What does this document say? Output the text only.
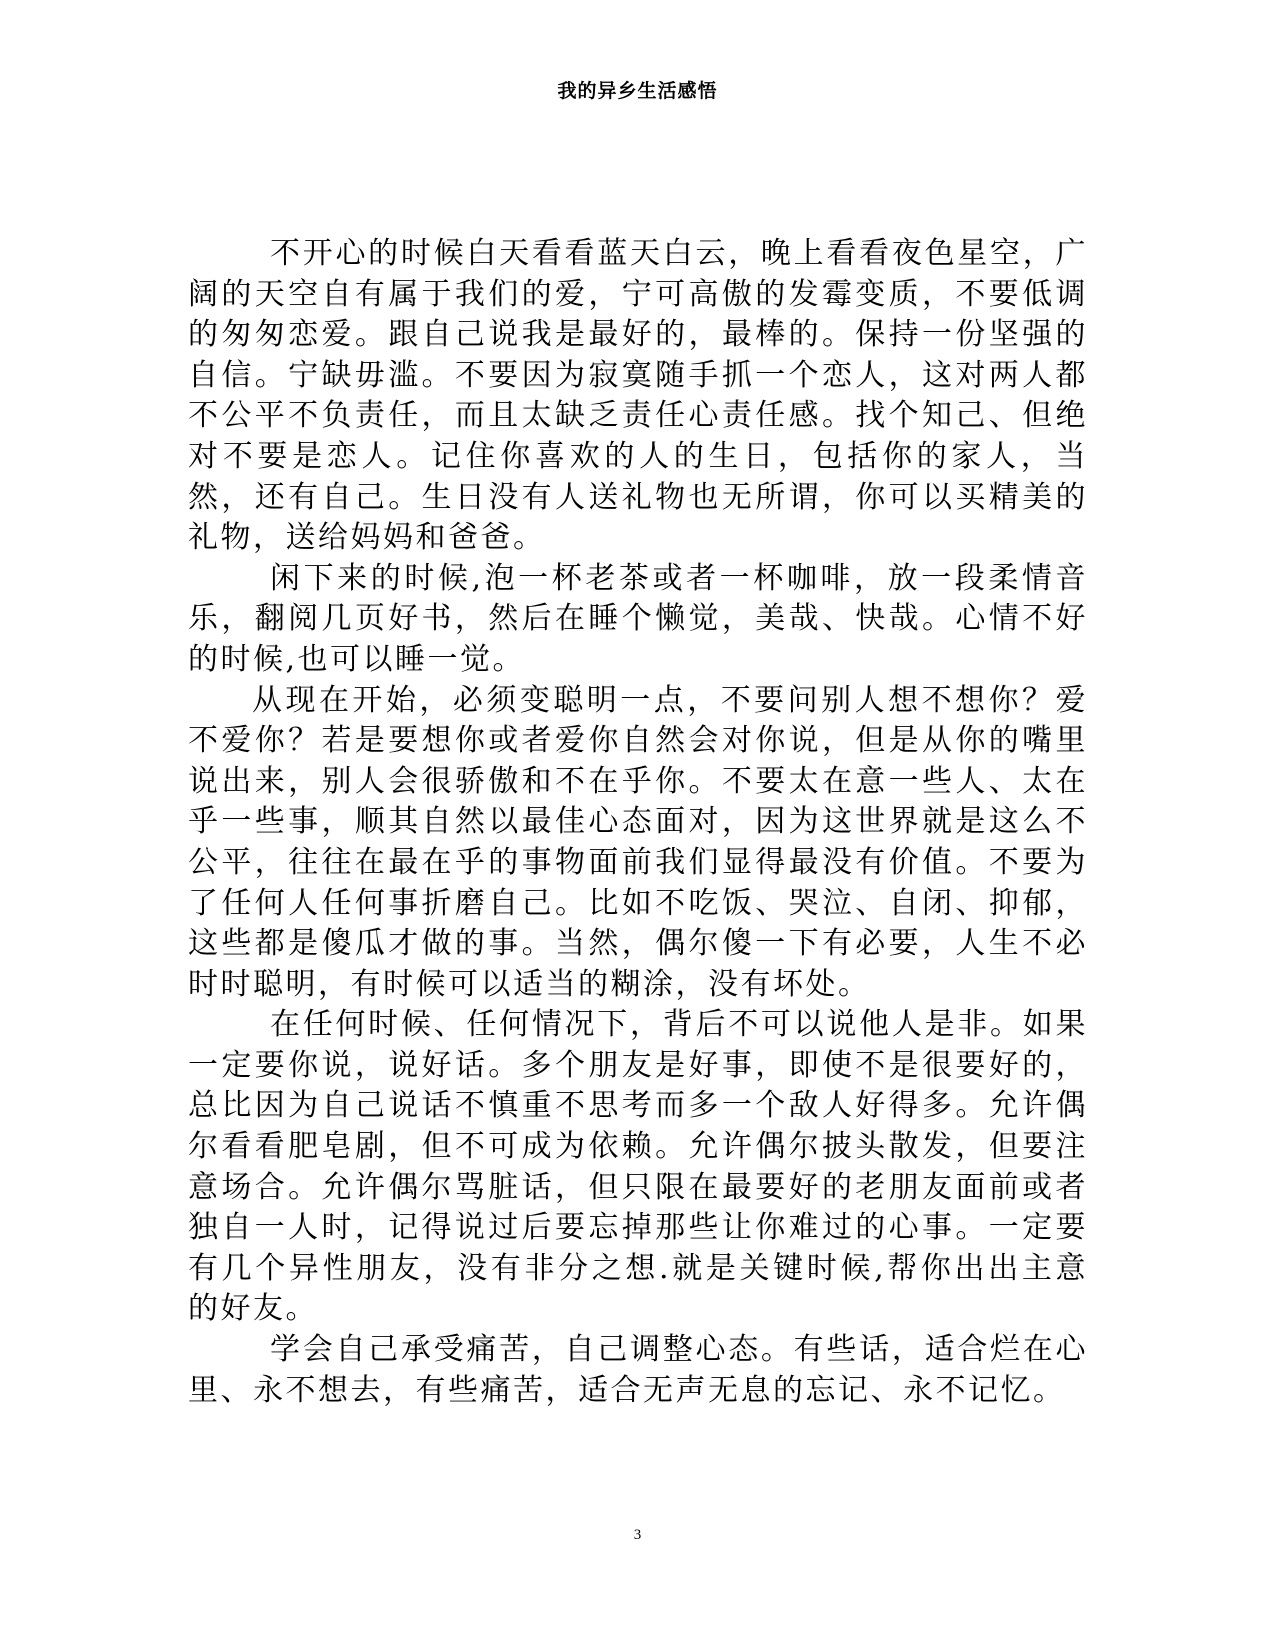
我的异乡生活感悟

不开心的时候白天看看蓝天白云，晚上看看夜色星空，广阔的天空自有属于我们的爱，宁可高傲的发霉变质，不要低调的匆匆恋爱。跟自己说我是最好的，最棒的。保持一份坚强的自信。宁缺毋滥。不要因为寂寞随手抓一个恋人，这对两人都不公平不负责任，而且太缺乏责任心责任感。找个知己、但绝对不要是恋人。记住你喜欢的人的生日，包括你的家人，当然，还有自己。生日没有人送礼物也无所谓，你可以买精美的礼物，送给妈妈和爸爸。

闲下来的时候,泡一杯老茶或者一杯咖啡，放一段柔情音乐，翻阅几页好书，然后在睡个懒觉，美哉、快哉。心情不好的时候,也可以睡一觉。

从现在开始，必须变聪明一点，不要问别人想不想你？爱不爱你？若是要想你或者爱你自然会对你说，但是从你的嘴里说出来，别人会很骄傲和不在乎你。不要太在意一些人、太在乎一些事，顺其自然以最佳心态面对，因为这世界就是这么不公平，往往在最在乎的事物面前我们显得最没有价值。不要为了任何人任何事折磨自己。比如不吃饭、哭泣、自闭、抑郁，这些都是傻瓜才做的事。当然，偶尔傻一下有必要，人生不必时时聪明，有时候可以适当的糊涂，没有坏处。

在任何时候、任何情况下，背后不可以说他人是非。如果一定要你说，说好话。多个朋友是好事，即使不是很要好的，总比因为自己说话不慎重不思考而多一个敌人好得多。允许偶尔看看肥皂剧，但不可成为依赖。允许偶尔披头散发，但要注意场合。允许偶尔骂脏话，但只限在最要好的老朋友面前或者独自一人时，记得说过后要忘掉那些让你难过的心事。一定要有几个异性朋友，没有非分之想.就是关键时候,帮你出出主意的好友。

学会自己承受痛苦，自己调整心态。有些话，适合烂在心里、永不想去，有些痛苦，适合无声无息的忘记、永不记忆。

3
